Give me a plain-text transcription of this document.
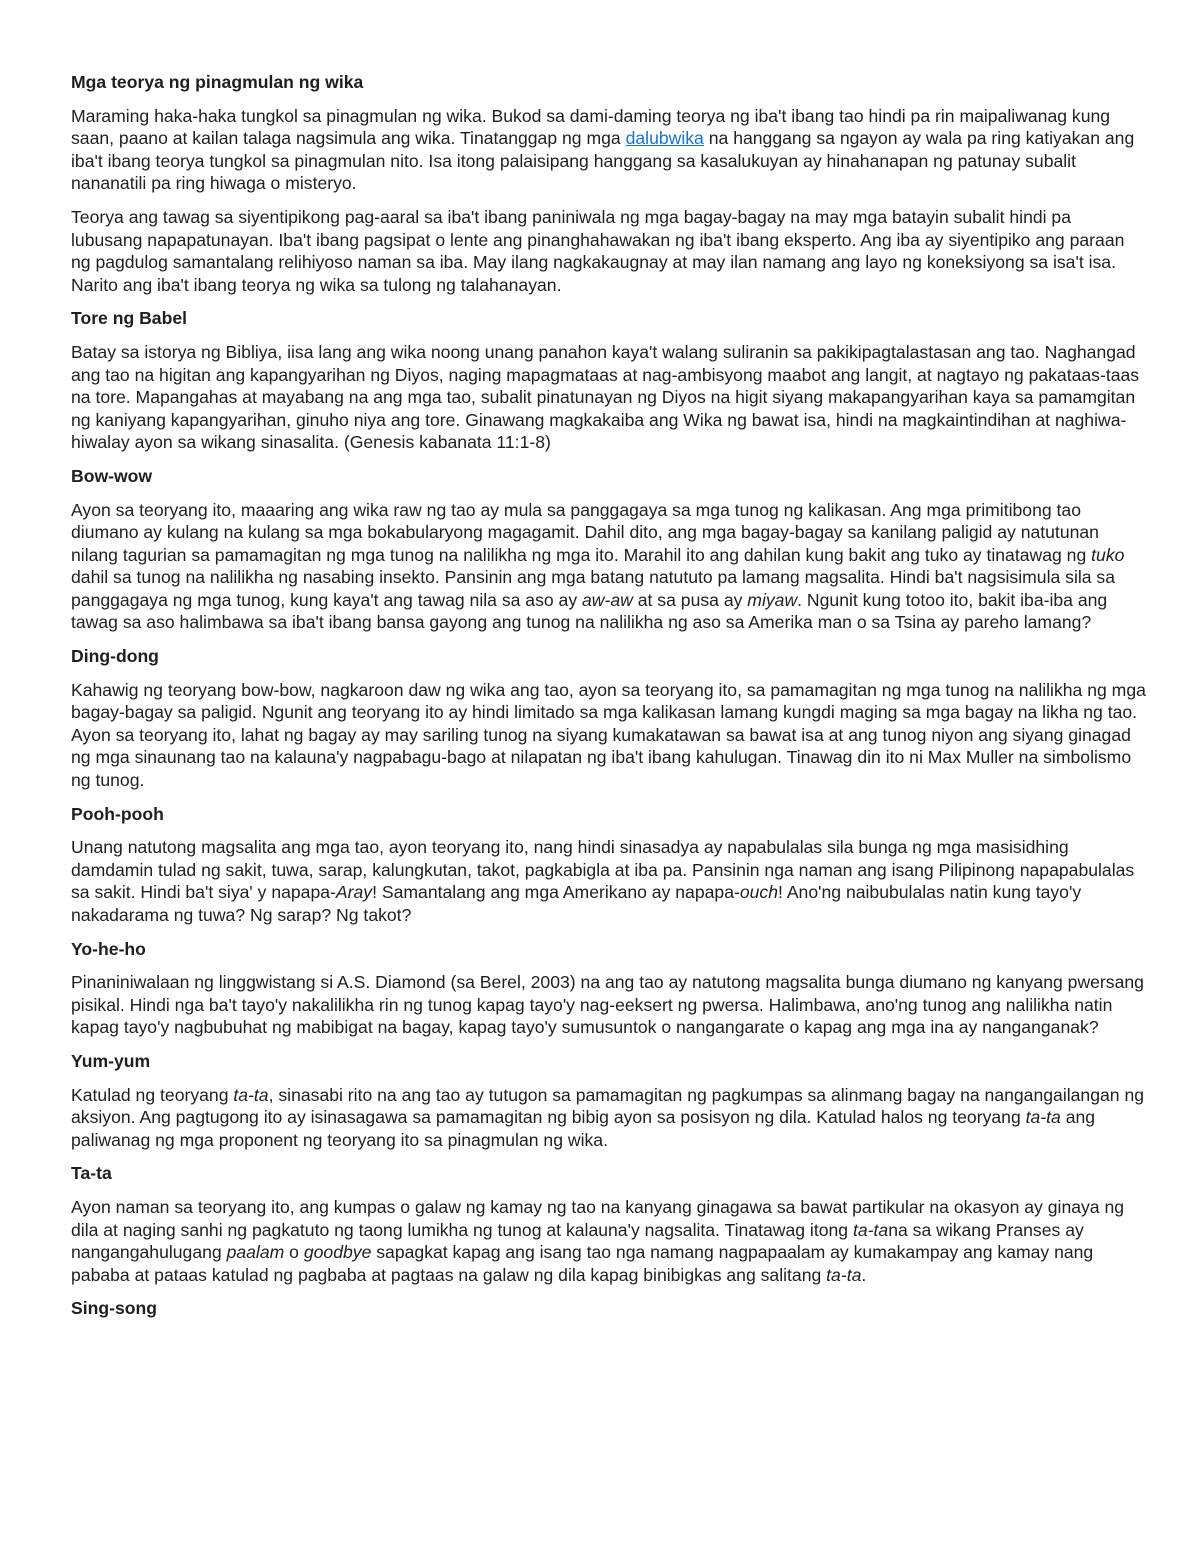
Mga teorya ng pinagmulan ng wika

Maraming haka-haka tungkol sa pinagmulan ng wika. Bukod sa dami-daming teorya ng iba't ibang tao hindi pa rin maipaliwanag kung saan, paano at kailan talaga nagsimula ang wika. Tinatanggap ng mga dalubwika na hanggang sa ngayon ay wala pa ring katiyakan ang iba't ibang teorya tungkol sa pinagmulan nito. Isa itong palaisipang hanggang sa kasalukuyan ay hinahanapan ng patunay subalit nananatili pa ring hiwaga o misteryo.

Teorya ang tawag sa siyentipikong pag-aaral sa iba't ibang paniniwala ng mga bagay-bagay na may mga batayin subalit hindi pa lubusang napapatunayan. Iba't ibang pagsipat o lente ang pinanghahawakan ng iba't ibang eksperto. Ang iba ay siyentipiko ang paraan ng pagdulog samantalang relihiyoso naman sa iba. May ilang nagkakaugnay at may ilan namang ang layo ng koneksiyong sa isa't isa. Narito ang iba't ibang teorya ng wika sa tulong ng talahanayan.

Tore ng Babel

Batay sa istorya ng Bibliya, iisa lang ang wika noong unang panahon kaya't walang suliranin sa pakikipagtalastasan ang tao. Naghangad ang tao na higitan ang kapangyarihan ng Diyos, naging mapagmataas at nag-ambisyong maabot ang langit, at nagtayo ng pakataas-taas na tore. Mapangahas at mayabang na ang mga tao, subalit pinatunayan ng Diyos na higit siyang makapangyarihan kaya sa pamamgitan ng kaniyang kapangyarihan, ginuho niya ang tore. Ginawang magkakaiba ang Wika ng bawat isa, hindi na magkaintindihan at naghiwa-hiwalay ayon sa wikang sinasalita. (Genesis kabanata 11:1-8)

Bow-wow

Ayon sa teoryang ito, maaaring ang wika raw ng tao ay mula sa panggagaya sa mga tunog ng kalikasan. Ang mga primitibong tao diumano ay kulang na kulang sa mga bokabularyong magagamit. Dahil dito, ang mga bagay-bagay sa kanilang paligid ay natutunan nilang tagurian sa pamamagitan ng mga tunog na nalilikha ng mga ito. Marahil ito ang dahilan kung bakit ang tuko ay tinatawag ng tuko dahil sa tunog na nalilikha ng nasabing insekto. Pansinin ang mga batang natututo pa lamang magsalita. Hindi ba't nagsisimula sila sa panggagaya ng mga tunog, kung kaya't ang tawag nila sa aso ay aw-aw at sa pusa ay miyaw. Ngunit kung totoo ito, bakit iba-iba ang tawag sa aso halimbawa sa iba't ibang bansa gayong ang tunog na nalilikha ng aso sa Amerika man o sa Tsina ay pareho lamang?

Ding-dong

Kahawig ng teoryang bow-bow, nagkaroon daw ng wika ang tao, ayon sa teoryang ito, sa pamamagitan ng mga tunog na nalilikha ng mga bagay-bagay sa paligid. Ngunit ang teoryang ito ay hindi limitado sa mga kalikasan lamang kungdi maging sa mga bagay na likha ng tao. Ayon sa teoryang ito, lahat ng bagay ay may sariling tunog na siyang kumakatawan sa bawat isa at ang tunog niyon ang siyang ginagad ng mga sinaunang tao na kalauna'y nagpabagu-bago at nilapatan ng iba't ibang kahulugan. Tinawag din ito ni Max Muller na simbolismo ng tunog.

Pooh-pooh

Unang natutong magsalita ang mga tao, ayon teoryang ito, nang hindi sinasadya ay napabulalas sila bunga ng mga masisidhing damdamin tulad ng sakit, tuwa, sarap, kalungkutan, takot, pagkabigla at iba pa. Pansinin nga naman ang isang Pilipinong napapabulalas sa sakit. Hindi ba't siya' y napapa-Aray! Samantalang ang mga Amerikano ay napapa-ouch! Ano'ng naibubulalas natin kung tayo'y nakadarama ng tuwa? Ng sarap? Ng takot?

Yo-he-ho

Pinaniniwalaan ng linggwistang si A.S. Diamond (sa Berel, 2003) na ang tao ay natutong magsalita bunga diumano ng kanyang pwersang pisikal. Hindi nga ba't tayo'y nakalilikha rin ng tunog kapag tayo'y nag-eeksert ng pwersa. Halimbawa, ano'ng tunog ang nalilikha natin kapag tayo'y nagbubuhat ng mabibigat na bagay, kapag tayo'y sumusuntok o nangangarate o kapag ang mga ina ay nanganganak?

Yum-yum

Katulad ng teoryang ta-ta, sinasabi rito na ang tao ay tutugon sa pamamagitan ng pagkumpas sa alinmang bagay na nangangailangan ng aksiyon. Ang pagtugong ito ay isinasagawa sa pamamagitan ng bibig ayon sa posisyon ng dila. Katulad halos ng teoryang ta-ta ang paliwanag ng mga proponent ng teoryang ito sa pinagmulan ng wika.

Ta-ta

Ayon naman sa teoryang ito, ang kumpas o galaw ng kamay ng tao na kanyang ginagawa sa bawat partikular na okasyon ay ginaya ng dila at naging sanhi ng pagkatuto ng taong lumikha ng tunog at kalauna'y nagsalita. Tinatawag itong ta-tana sa wikang Pranses ay nangangahulugang paalam o goodbye sapagkat kapag ang isang tao nga namang nagpapaalam ay kumakampay ang kamay nang pababa at pataas katulad ng pagbaba at pagtaas na galaw ng dila kapag binibigkas ang salitang ta-ta.

Sing-song
